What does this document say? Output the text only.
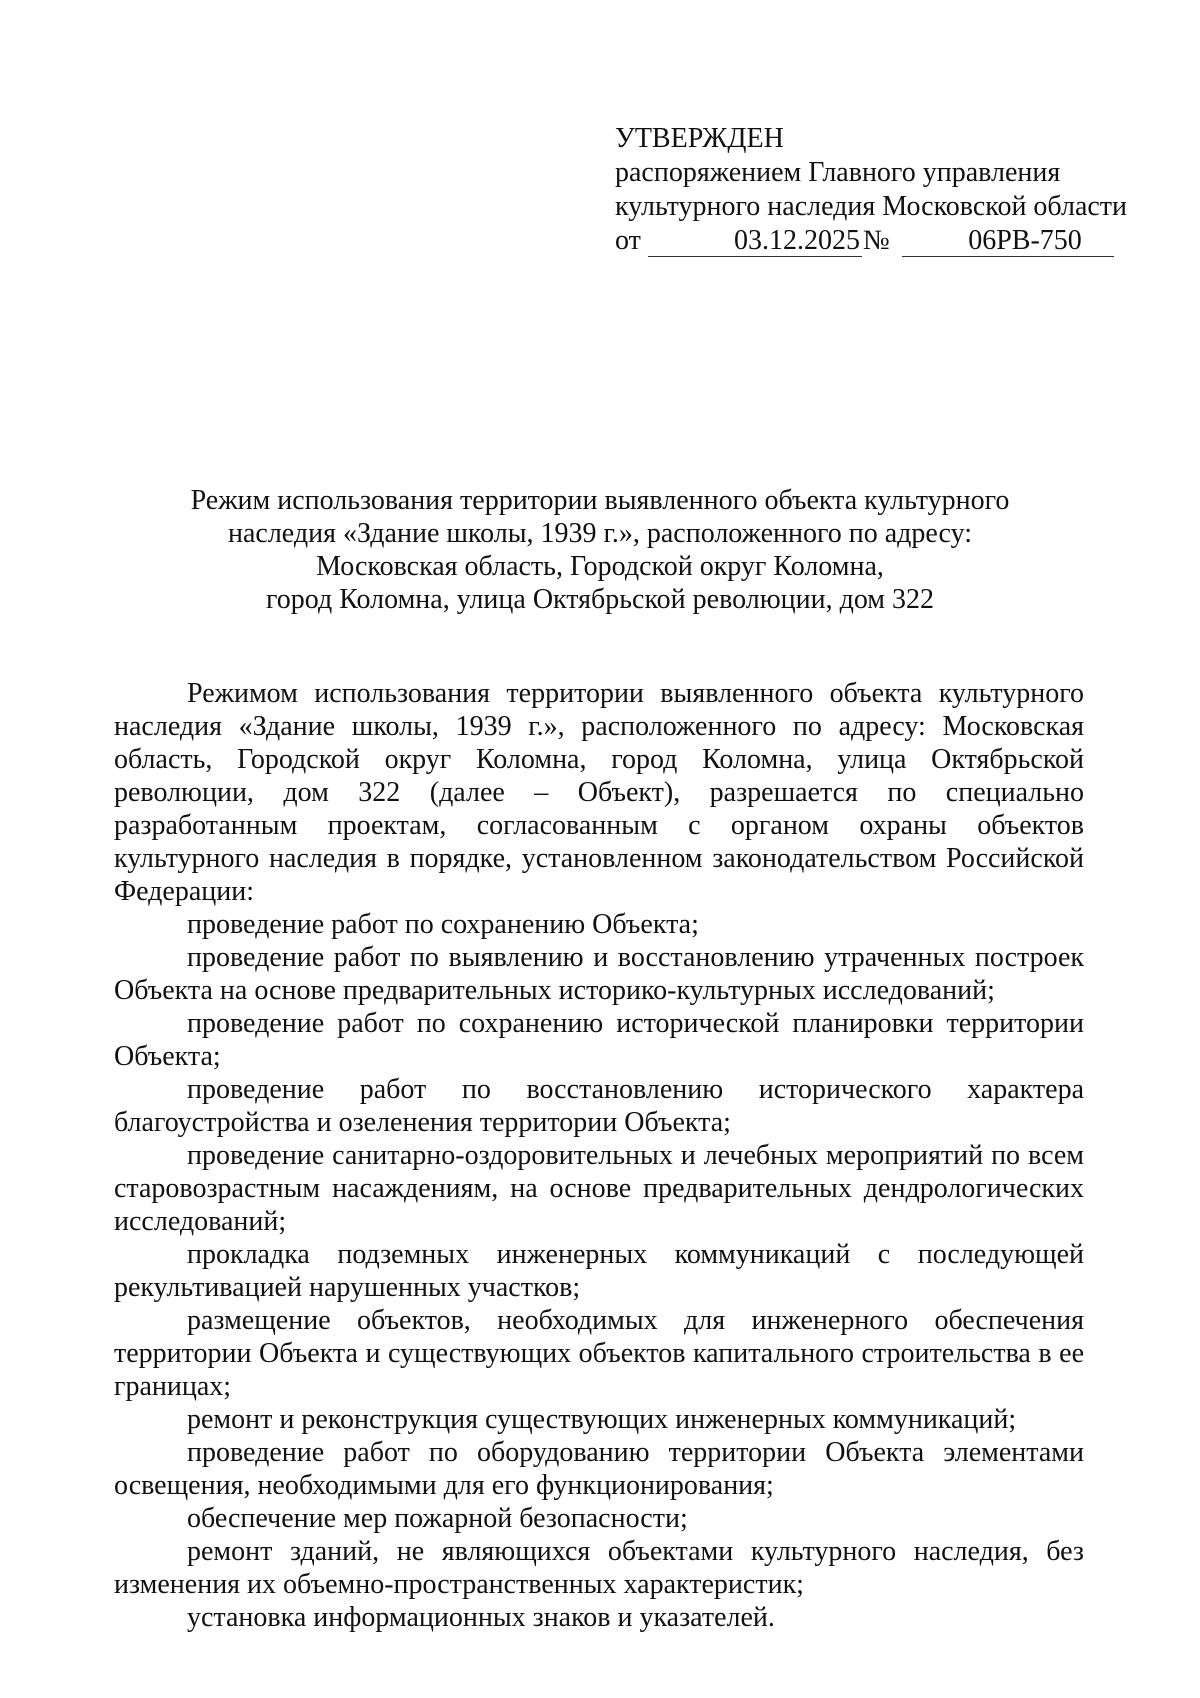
УТВЕРЖДЕН
распоряжением Главного управления
культурного наследия Московской области
от	03.12.2025 №	06РВ-750
Режим использования территории выявленного объекта культурного
наследия «Здание школы, 1939 г.», расположенного по адресу:
Московская область, Городской округ Коломна,
город Коломна, улица Октябрьской революции, дом 322

Режимом использования территории выявленного объекта культурного наследия «Здание школы, 1939 г.», расположенного по адресу: Московская область, Городской округ Коломна, город Коломна, улица Октябрьской революции, дом 322 (далее – Объект), разрешается по специально разработанным проектам, согласованным с органом охраны объектов культурного наследия в порядке, установленном законодательством Российской Федерации:

проведение работ по сохранению Объекта;

проведение работ по выявлению и восстановлению утраченных построек Объекта на основе предварительных историко-культурных исследований;

проведение работ по сохранению исторической планировки территории Объекта;

проведение работ по восстановлению исторического характера благоустройства и озеленения территории Объекта;

проведение санитарно-оздоровительных и лечебных мероприятий по всем старовозрастным насаждениям, на основе предварительных дендрологических исследований;

прокладка подземных инженерных коммуникаций с последующей рекультивацией нарушенных участков;

размещение объектов, необходимых для инженерного обеспечения территории Объекта и существующих объектов капитального строительства в ее границах;

ремонт и реконструкция существующих инженерных коммуникаций;

проведение работ по оборудованию территории Объекта элементами освещения, необходимыми для его функционирования;

обеспечение мер пожарной безопасности;

ремонт зданий, не являющихся объектами культурного наследия, без изменения их объемно-пространственных характеристик;

установка информационных знаков и указателей.
